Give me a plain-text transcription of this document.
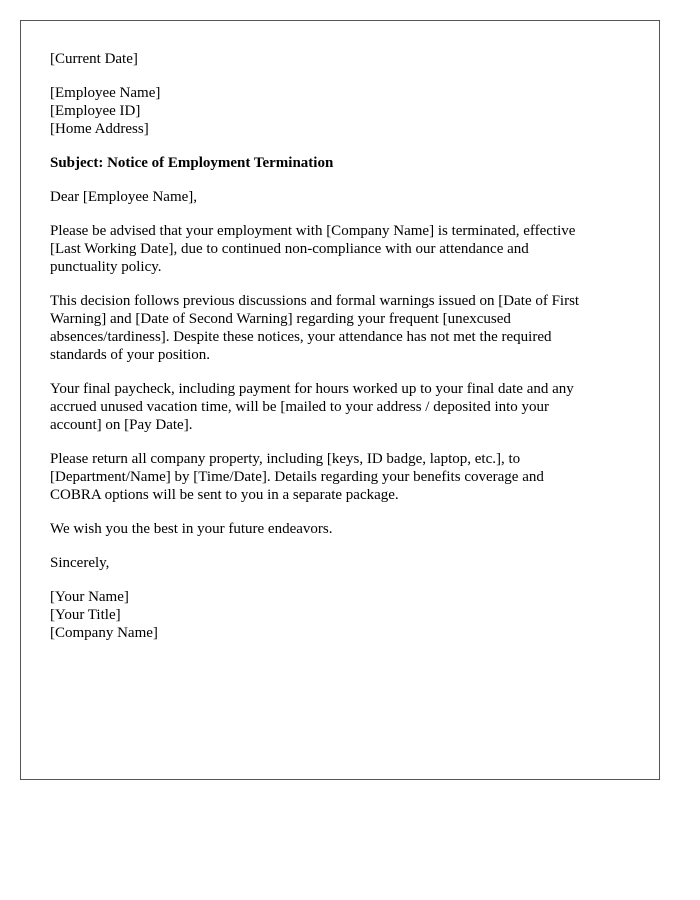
[Current Date]
[Employee Name]
[Employee ID]
[Home Address]
Subject: Notice of Employment Termination
Dear [Employee Name],

Please be advised that your employment with [Company Name] is terminated, effective
[Last Working Date], due to continued non-compliance with our attendance and
punctuality policy.

This decision follows previous discussions and formal warnings issued on [Date of First
Warning] and [Date of Second Warning] regarding your frequent [unexcused
absences/tardiness]. Despite these notices, your attendance has not met the required
standards of your position.

Your final paycheck, including payment for hours worked up to your final date and any
accrued unused vacation time, will be [mailed to your address / deposited into your
account] on [Pay Date].

Please return all company property, including [keys, ID badge, laptop, etc.], to
[Department/Name] by [Time/Date]. Details regarding your benefits coverage and
COBRA options will be sent to you in a separate package.

We wish you the best in your future endeavors.

Sincerely,
[Your Name]
[Your Title]
[Company Name]
